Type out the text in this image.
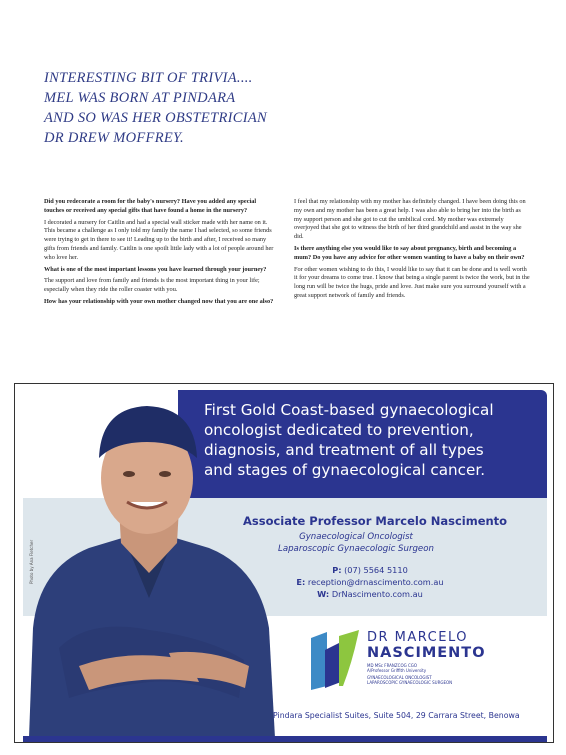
INTERESTING BIT OF TRIVIA....
MEL WAS BORN AT PINDARA
AND SO WAS HER OBSTETRICIAN
DR DREW MOFFREY.

Did you redecorate a room for the baby's nursery? Have you added any special touches or received any special gifts that have found a home in the nursery?

I decorated a nursery for Caitlin and had a special wall sticker made with her name on it. This became a challenge as I only told my family the name I had selected, so some friends were trying to get in there to see it! Leading up to the birth and after, I received so many gifts from friends and family. Caitlin is one spoilt little lady with a lot of people around her who love her.

What is one of the most important lessons you have learned through your journey?

The support and love from family and friends is the most important thing in your life; especially when they ride the roller coaster with you.

How has your relationship with your own mother changed now that you are one also?

I feel that my relationship with my mother has definitely changed. I have been doing this on my own and my mother has been a great help. I was also able to bring her into the birth as my support person and she got to cut the umbilical cord. My mother was extremely overjoyed that she got to witness the birth of her third grandchild and assist in the way she did.

Is there anything else you would like to say about pregnancy, birth and becoming a mum? Do you have any advice for other women wanting to have a baby on their own?

For other women wishing to do this, I would like to say that it can be done and is well worth it for your dreams to come true. I know that being a single parent is twice the work, but in the long run will be twice the hugs, pride and love. Just make sure you surround yourself with a great support network of family and friends.

First Gold Coast-based gynaecological
oncologist dedicated to prevention,
diagnosis, and treatment of all types
and stages of gynaecological cancer.
Photo by Ana Fletcher
Associate Professor Marcelo Nascimento
Gynaecological Oncologist
Laparoscopic Gynaecologic Surgeon
P: (07) 5564 5110
E: reception@drnascimento.com.au
W: DrNascimento.com.au
DR MARCELO
NASCIMENTO
MD MSc FRANZCOG CGO
A/Professor Griffith University
GYNAECOLOGICAL ONCOLOGIST
LAPAROSCOPIC GYNAECOLOGIC SURGEON
Pindara Specialist Suites, Suite 504, 29 Carrara Street, Benowa
